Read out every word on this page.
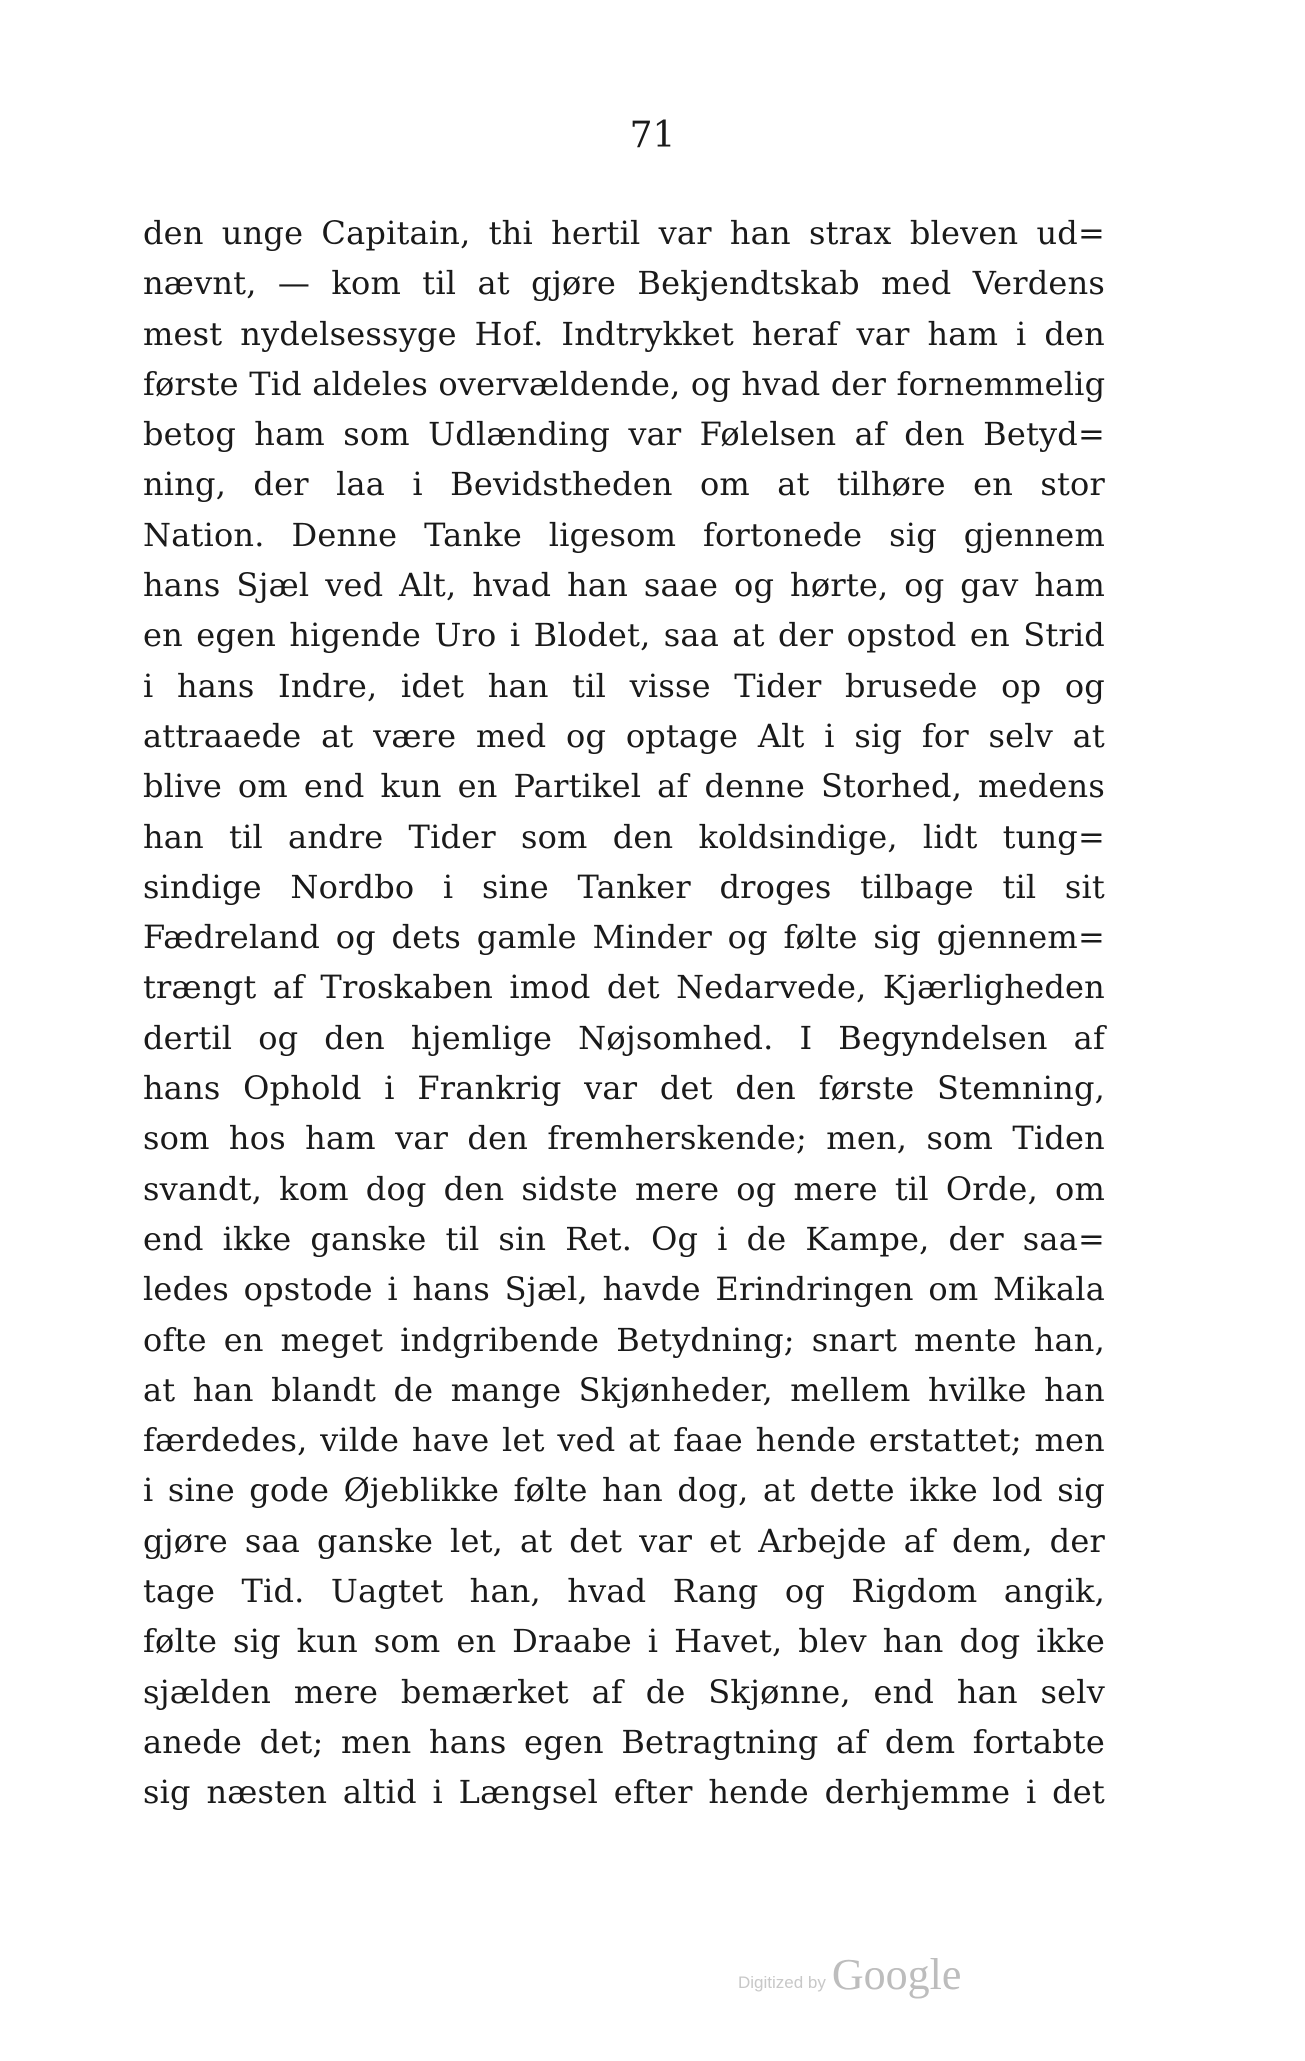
71
den unge Capitain, thi hertil var han strax bleven ud=
nævnt, — kom til at gjøre Bekjendtskab med Verdens
mest nydelsessyge Hof. Indtrykket heraf var ham i den
første Tid aldeles overvældende, og hvad der fornemmelig
betog ham som Udlænding var Følelsen af den Betyd=
ning, der laa i Bevidstheden om at tilhøre en stor
Nation. Denne Tanke ligesom fortonede sig gjennem
hans Sjæl ved Alt, hvad han saae og hørte, og gav ham
en egen higende Uro i Blodet, saa at der opstod en Strid
i hans Indre, idet han til visse Tider brusede op og
attraaede at være med og optage Alt i sig for selv at
blive om end kun en Partikel af denne Storhed, medens
han til andre Tider som den koldsindige, lidt tung=
sindige Nordbo i sine Tanker droges tilbage til sit
Fædreland og dets gamle Minder og følte sig gjennem=
trængt af Troskaben imod det Nedarvede, Kjærligheden
dertil og den hjemlige Nøjsomhed. I Begyndelsen af
hans Ophold i Frankrig var det den første Stemning,
som hos ham var den fremherskende; men, som Tiden
svandt, kom dog den sidste mere og mere til Orde, om
end ikke ganske til sin Ret. Og i de Kampe, der saa=
ledes opstode i hans Sjæl, havde Erindringen om Mikala
ofte en meget indgribende Betydning; snart mente han,
at han blandt de mange Skjønheder, mellem hvilke han
færdedes, vilde have let ved at faae hende erstattet; men
i sine gode Øjeblikke følte han dog, at dette ikke lod sig
gjøre saa ganske let, at det var et Arbejde af dem, der
tage Tid. Uagtet han, hvad Rang og Rigdom angik,
følte sig kun som en Draabe i Havet, blev han dog ikke
sjælden mere bemærket af de Skjønne, end han selv
anede det; men hans egen Betragtning af dem fortabte
sig næsten altid i Længsel efter hende derhjemme i det
Digitized by Google
